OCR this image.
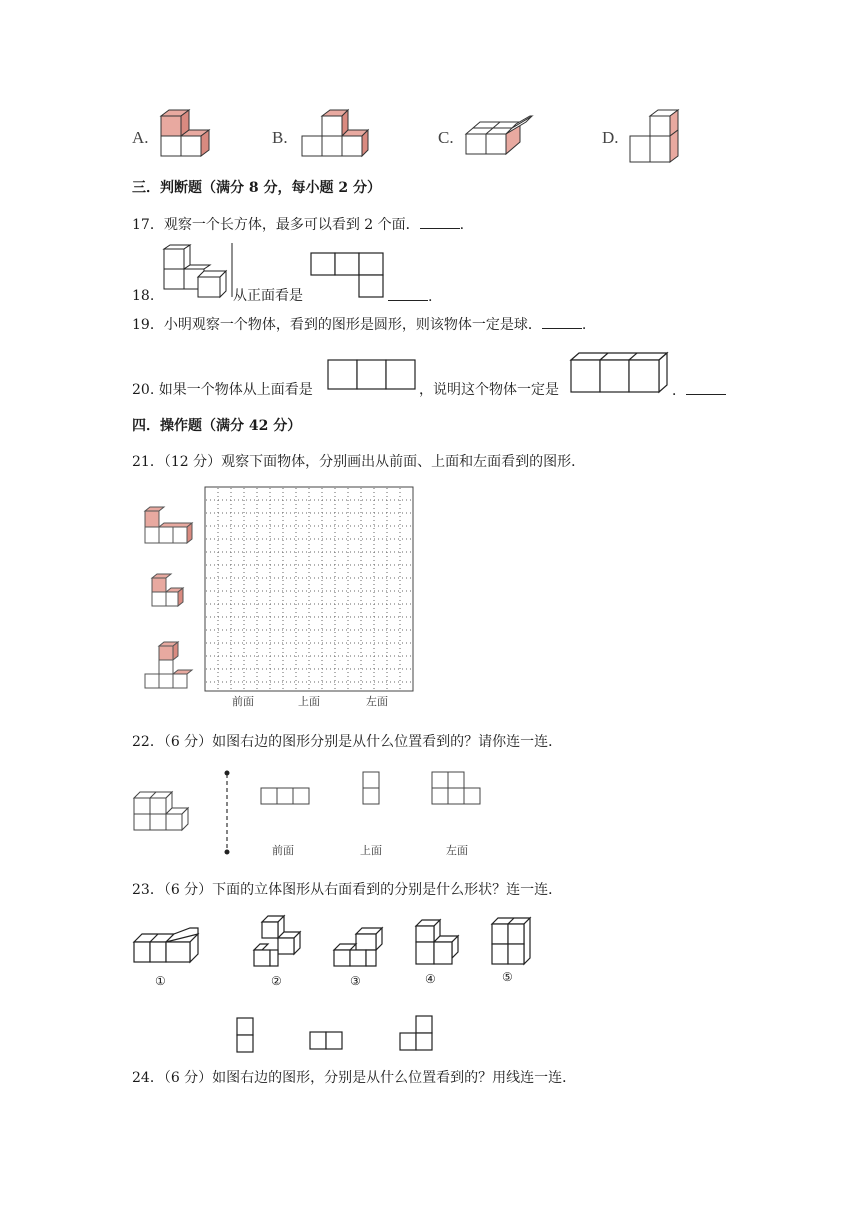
A.	B.	C.	D.
三．判断题（满分 8 分，每小题 2 分）
17．观察一个长方体，最多可以看到 2 个面．	.
18.	从正面看是	.
19．小明观察一个物体，看到的图形是圆形，则该物体一定是球．	.
20. 如果一个物体从上面看是	，说明这个物体一定是	．
四．操作题（满分 42 分）
21．（12 分）观察下面物体，分别画出从前面、上面和左面看到的图形．
前面	上面	左面
22．（6 分）如图右边的图形分别是从什么位置看到的？请你连一连．
前面	上面	左面
23．（6 分）下面的立体图形从右面看到的分别是什么形状？连一连．
①	②	③	④	⑤
24．（6 分）如图右边的图形，分别是从什么位置看到的？用线连一连．
